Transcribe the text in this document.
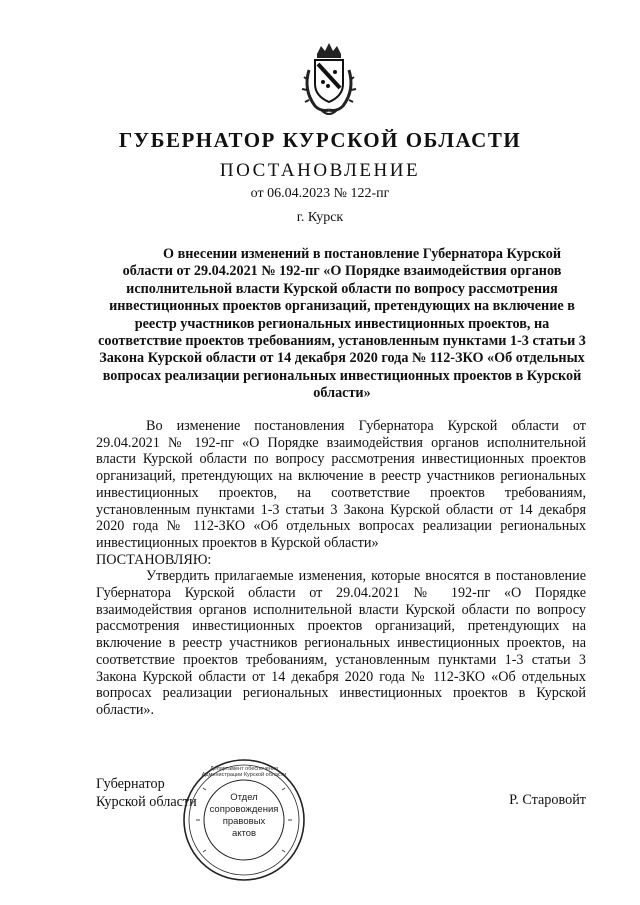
ГУБЕРНАТОР КУРСКОЙ ОБЛАСТИ
ПОСТАНОВЛЕНИЕ
от 06.04.2023 № 122-пг
г. Курск
О внесении изменений в постановление Губернатора Курской области от 29.04.2021 № 192-пг «О Порядке взаимодействия органов исполнительной власти Курской области по вопросу рассмотрения инвестиционных проектов организаций, претендующих на включение в реестр участников региональных инвестиционных проектов, на соответствие проектов требованиям, установленным пунктами 1-3 статьи 3 Закона Курской области от 14 декабря 2020 года № 112-ЗКО «Об отдельных вопросах реализации региональных инвестиционных проектов в Курской области»

Во изменение постановления Губернатора Курской области от 29.04.2021 № 192-пг «О Порядке взаимодействия органов исполнительной власти Курской области по вопросу рассмотрения инвестиционных проектов организаций, претендующих на включение в реестр участников региональных инвестиционных проектов, на соответствие проектов требованиям, установленным пунктами 1-3 статьи 3 Закона Курской области от 14 декабря 2020 года № 112-ЗКО «Об отдельных вопросах реализации региональных инвестиционных проектов в Курской области»

ПОСТАНОВЛЯЮ:

Утвердить прилагаемые изменения, которые вносятся в постановление Губернатора Курской области от 29.04.2021 № 192-пг «О Порядке взаимодействия органов исполнительной власти Курской области по вопросу рассмотрения инвестиционных проектов организаций, претендующих на включение в реестр участников региональных инвестиционных проектов, на соответствие проектов требованиям, установленным пунктами 1-3 статьи 3 Закона Курской области от 14 декабря 2020 года № 112-ЗКО «Об отдельных вопросах реализации региональных инвестиционных проектов в Курской области».

Губернатор
Курской области
Департамент обеспечения Администрации Курской области
Отдел
сопровождения
правовых
актов
Р. Старовойт
